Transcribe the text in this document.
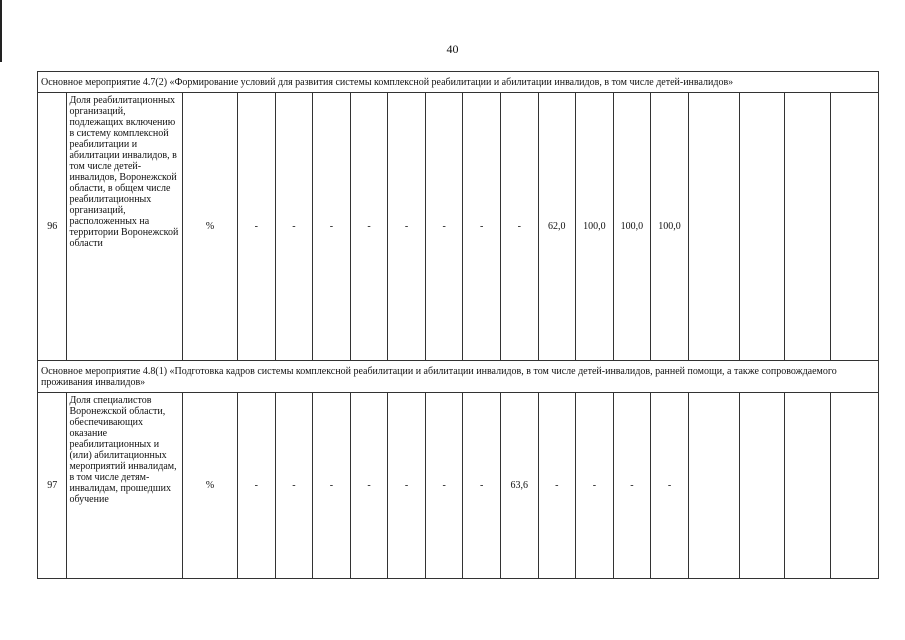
40
Основное мероприятие 4.7(2) «Формирование условий для развития системы комплексной реабилитации и абилитации инвалидов, в том числе детей-инвалидов»																		
96	Доля реабилитационных организаций, подлежащих включению в систему комплексной реабилитации и абилитации инвалидов, в том числе детей-инвалидов, Воронежской области, в общем числе реабилитационных организаций, расположенных на территории Воронежской области	%	-	-	-	-	-	-	-	-	62,0	100,0	100,0	100,0				
Основное мероприятие 4.8(1) «Подготовка кадров системы комплексной реабилитации и абилитации инвалидов, в том числе детей-инвалидов, ранней помощи, а также сопровождаемого проживания инвалидов»																		
97	Доля специалистов Воронежской области, обеспечивающих оказание реабилитационных и (или) абилитационных мероприятий инвалидам, в том числе детям-инвалидам, прошедших обучение	%	-	-	-	-	-	-	-	63,6	-	-	-	-				
